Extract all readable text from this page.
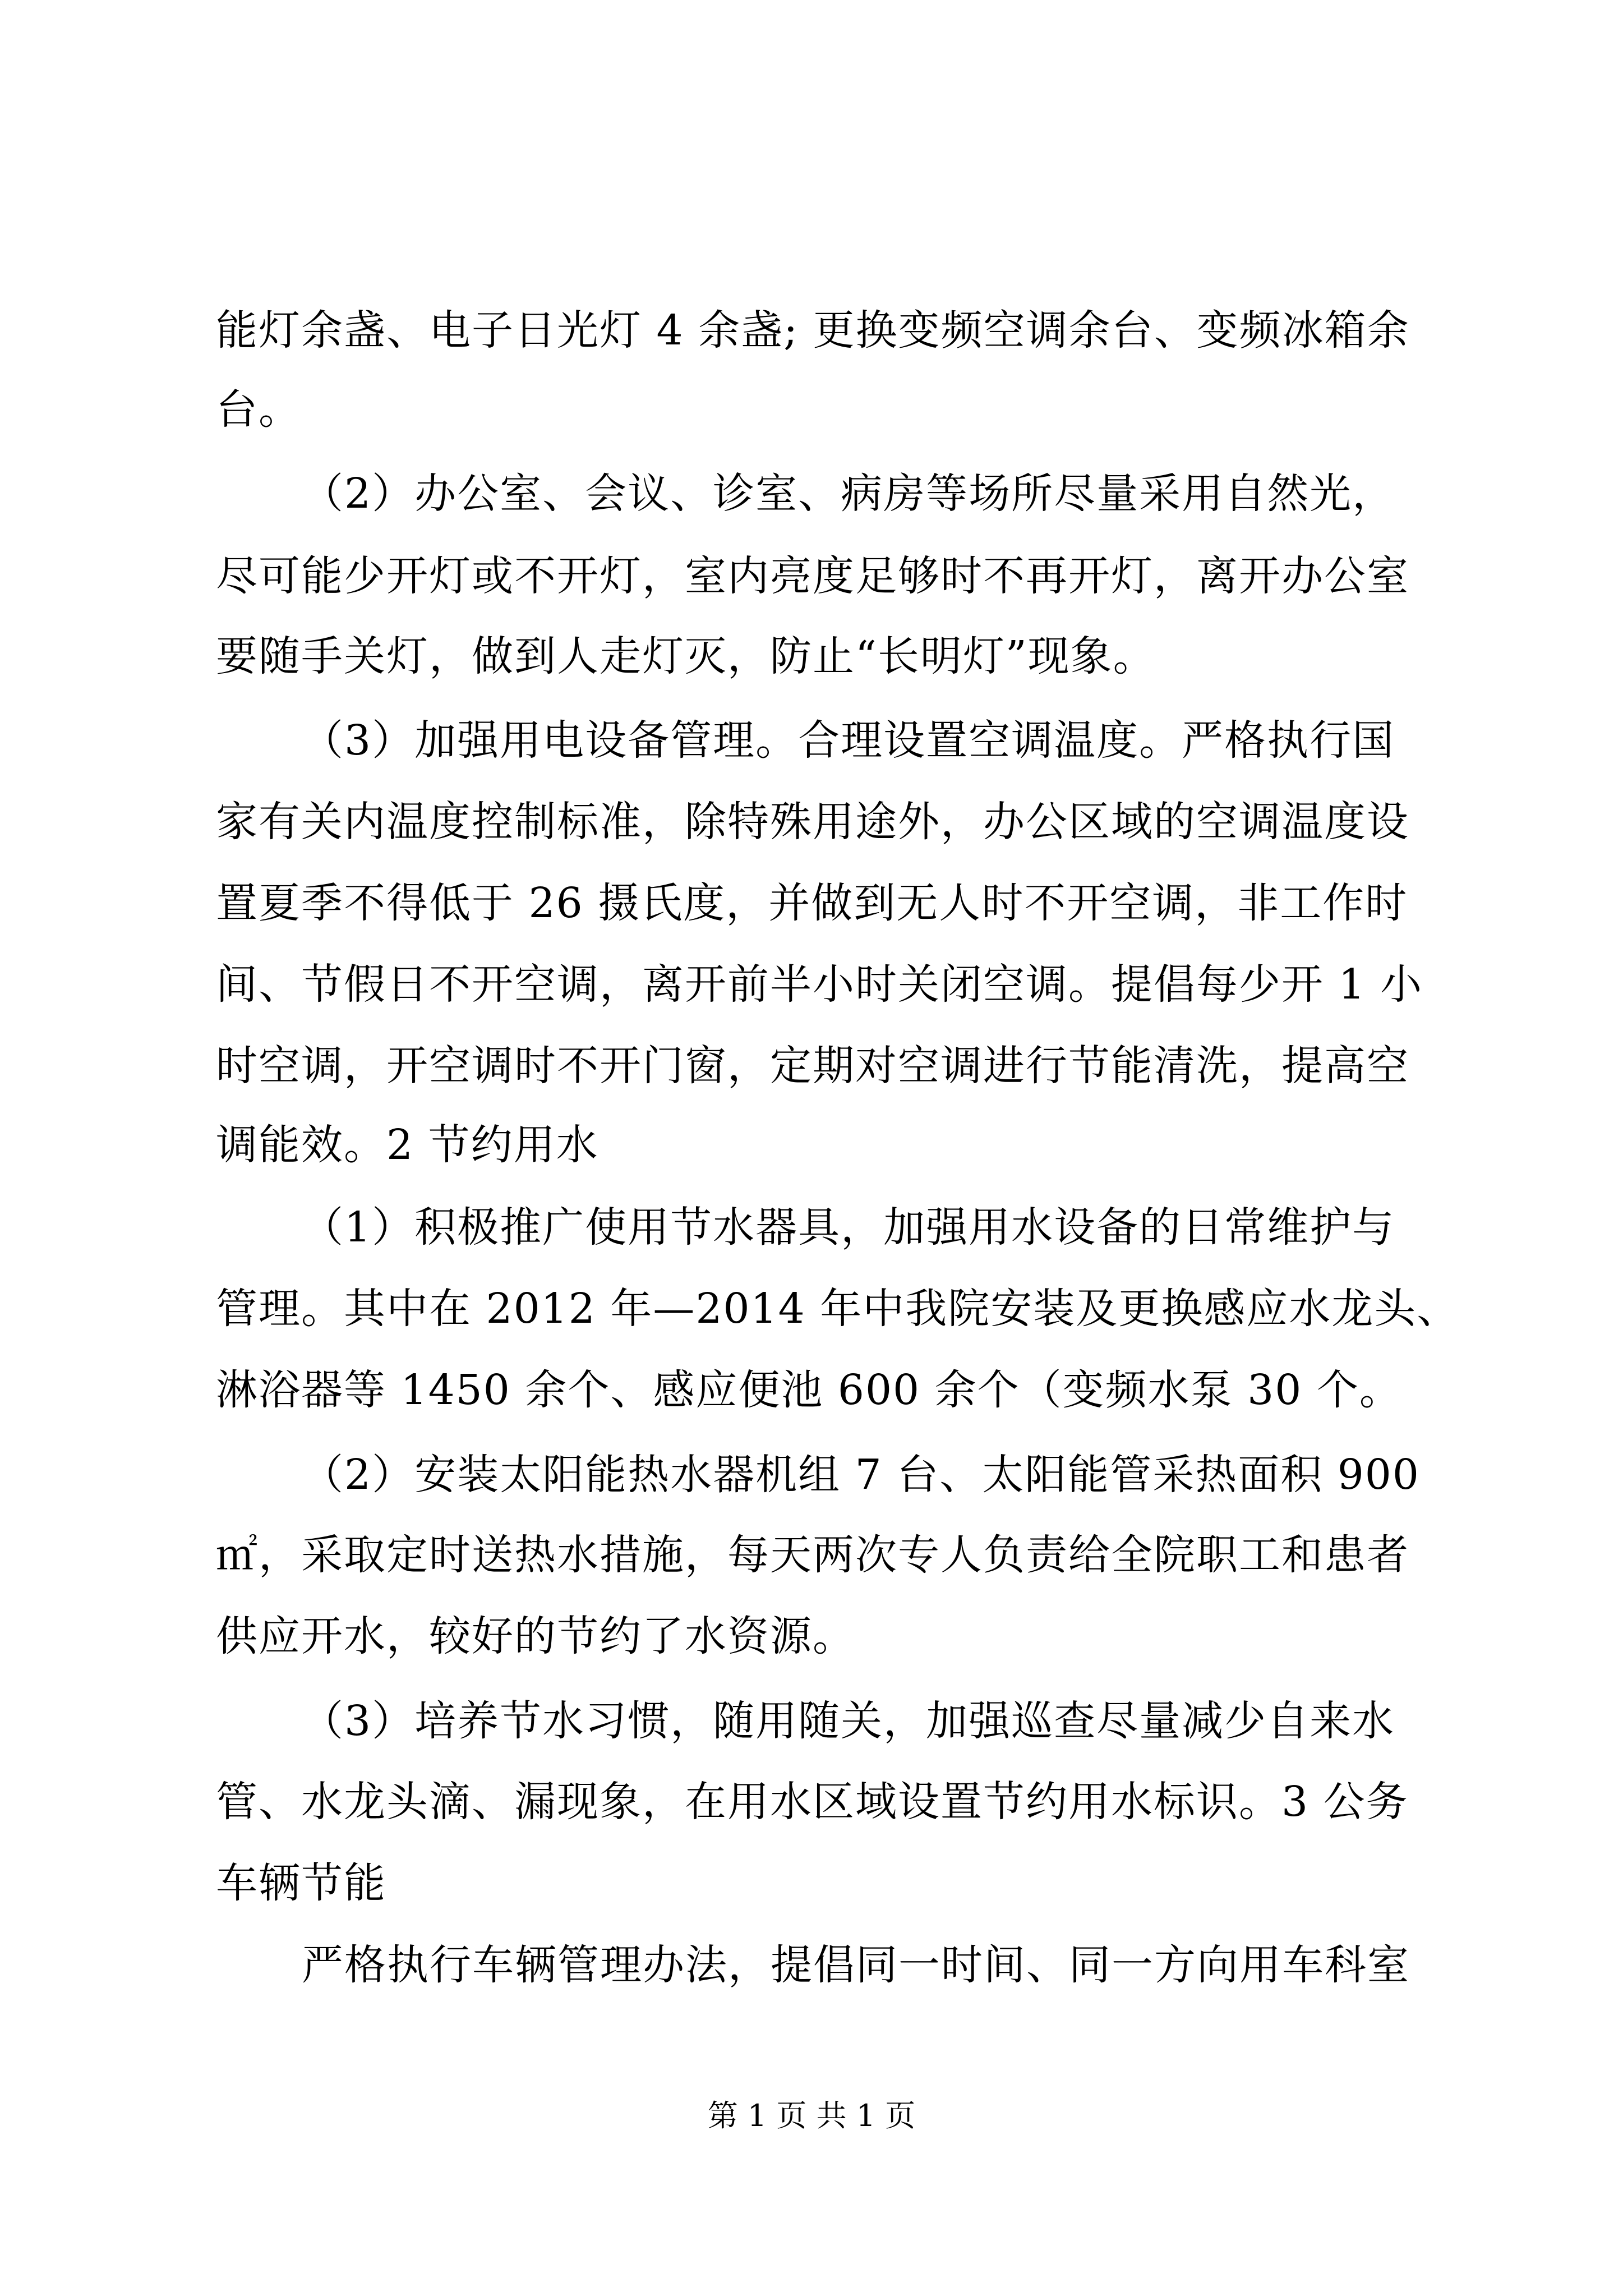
能灯余盏、电子日光灯 4 余盏; 更换变频空调余台、变频冰箱余
台。
（2）办公室、会议、诊室、病房等场所尽量采用自然光，
尽可能少开灯或不开灯，室内亮度足够时不再开灯，离开办公室
要随手关灯，做到人走灯灭，防止“长明灯”现象。
（3）加强用电设备管理。合理设置空调温度。严格执行国
家有关内温度控制标准，除特殊用途外，办公区域的空调温度设
置夏季不得低于 26 摄氏度，并做到无人时不开空调，非工作时
间、节假日不开空调，离开前半小时关闭空调。提倡每少开 1 小
时空调，开空调时不开门窗，定期对空调进行节能清洗，提高空
调能效。2 节约用水
（1）积极推广使用节水器具，加强用水设备的日常维护与
管理。其中在 2012 年—2014 年中我院安装及更换感应水龙头、
淋浴器等 1450 余个、感应便池 600 余个（变频水泵 30 个。
（2）安装太阳能热水器机组 7 台、太阳能管采热面积 900
㎡，采取定时送热水措施，每天两次专人负责给全院职工和患者
供应开水，较好的节约了水资源。
（3）培养节水习惯，随用随关，加强巡查尽量减少自来水
管、水龙头滴、漏现象，在用水区域设置节约用水标识。3 公务
车辆节能
严格执行车辆管理办法，提倡同一时间、同一方向用车科室
第 1 页 共 1 页
